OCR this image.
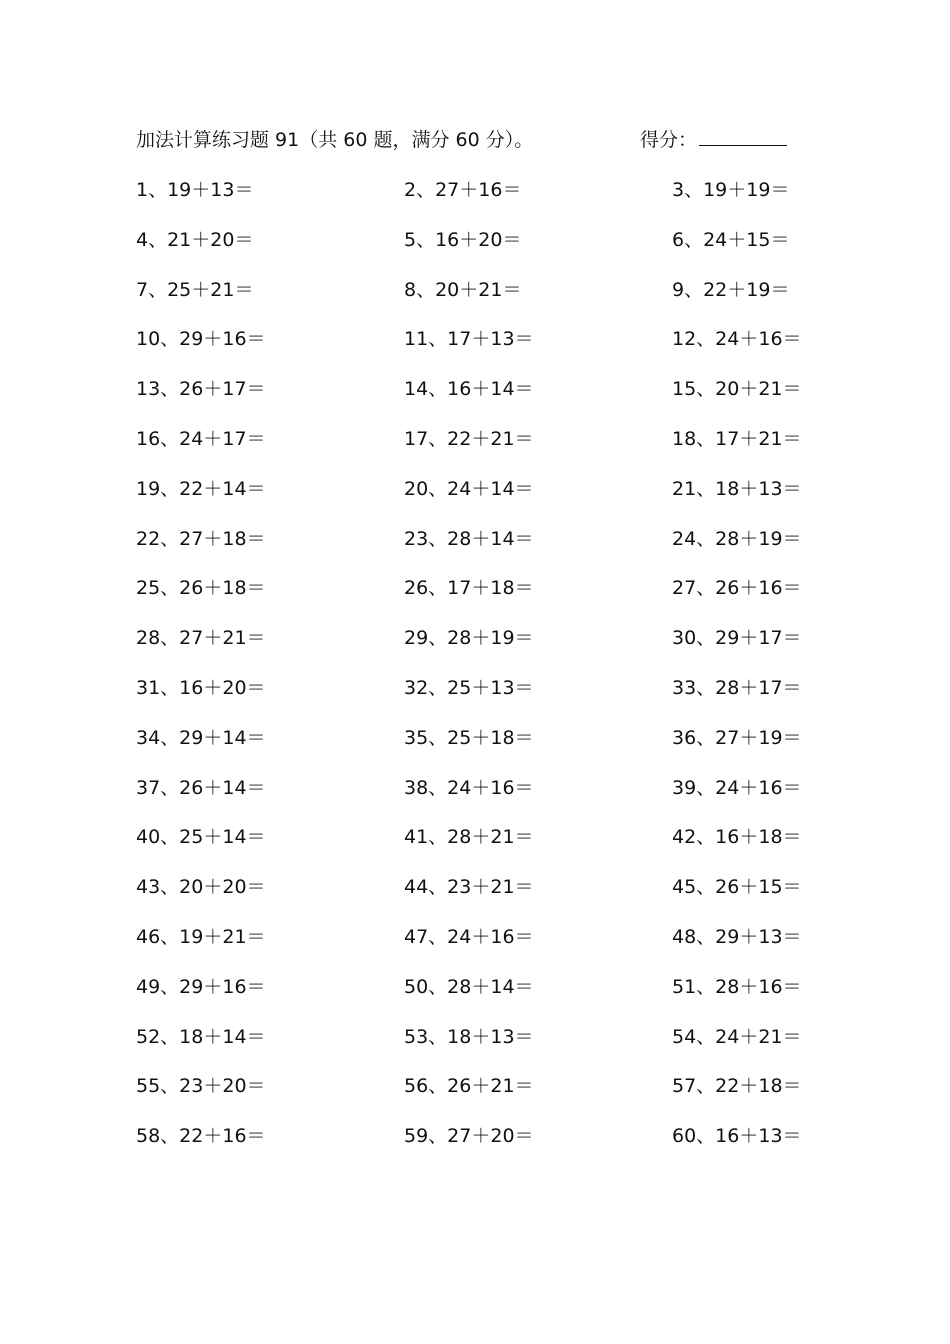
加法计算练习题 91（共 60 题，满分 60 分）。	得分：
1、19＋13＝	2、27＋16＝	3、19＋19＝
4、21＋20＝	5、16＋20＝	6、24＋15＝
7、25＋21＝	8、20＋21＝	9、22＋19＝
10、29＋16＝	11、17＋13＝	12、24＋16＝
13、26＋17＝	14、16＋14＝	15、20＋21＝
16、24＋17＝	17、22＋21＝	18、17＋21＝
19、22＋14＝	20、24＋14＝	21、18＋13＝
22、27＋18＝	23、28＋14＝	24、28＋19＝
25、26＋18＝	26、17＋18＝	27、26＋16＝
28、27＋21＝	29、28＋19＝	30、29＋17＝
31、16＋20＝	32、25＋13＝	33、28＋17＝
34、29＋14＝	35、25＋18＝	36、27＋19＝
37、26＋14＝	38、24＋16＝	39、24＋16＝
40、25＋14＝	41、28＋21＝	42、16＋18＝
43、20＋20＝	44、23＋21＝	45、26＋15＝
46、19＋21＝	47、24＋16＝	48、29＋13＝
49、29＋16＝	50、28＋14＝	51、28＋16＝
52、18＋14＝	53、18＋13＝	54、24＋21＝
55、23＋20＝	56、26＋21＝	57、22＋18＝
58、22＋16＝	59、27＋20＝	60、16＋13＝
